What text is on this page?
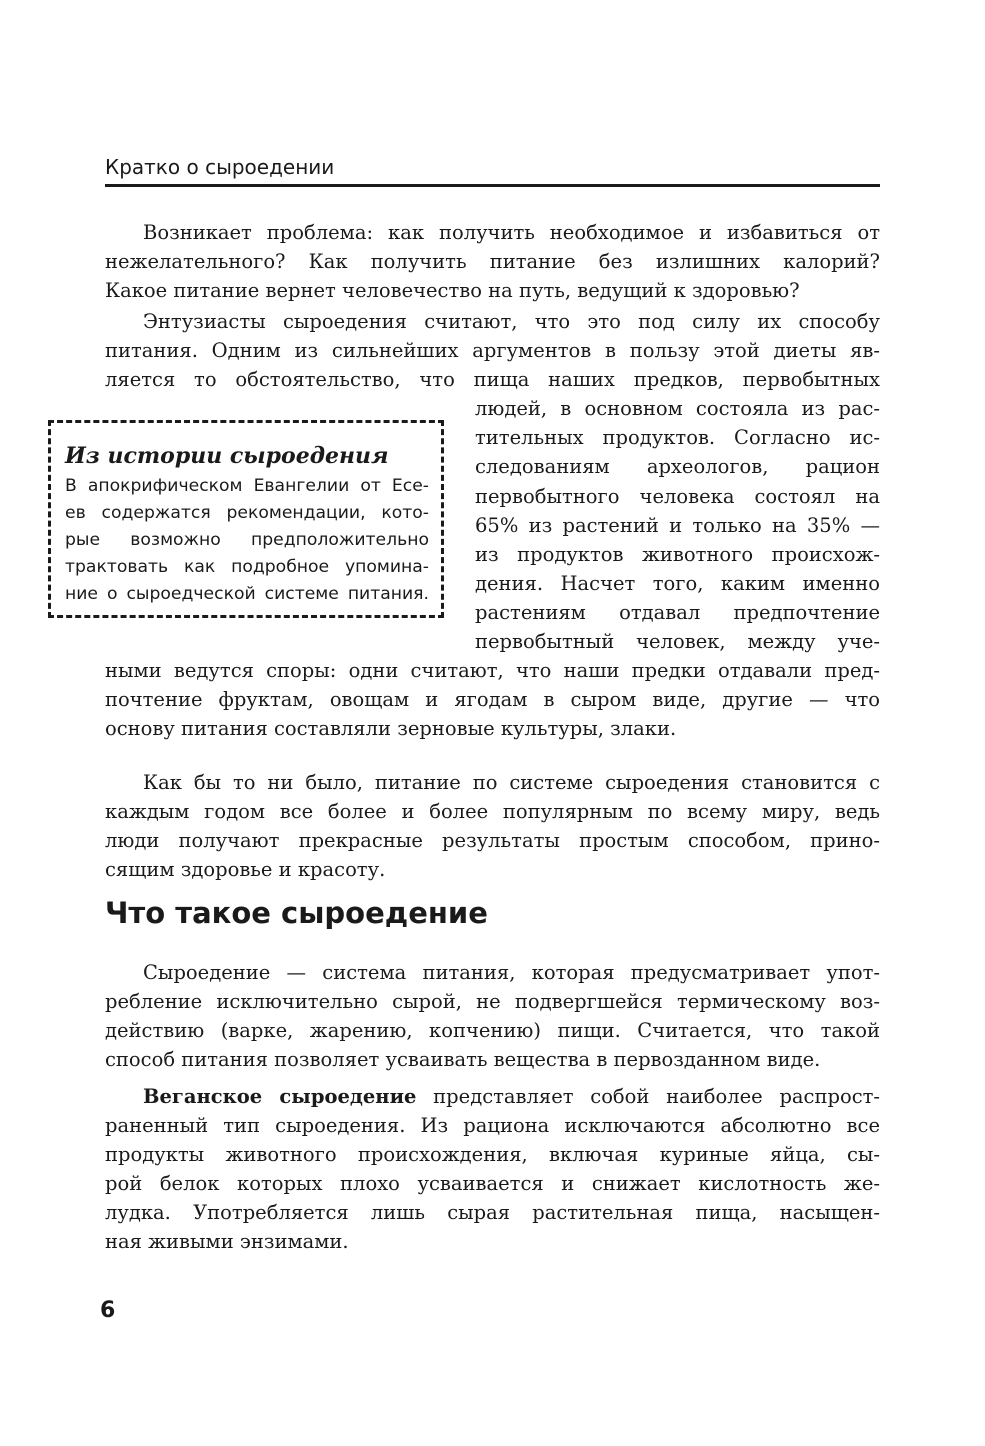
Кратко о сыроедении
Возникает проблема: как получить необходимое и избавиться от
нежелательного? Как получить питание без излишних калорий?
Какое питание вернет человечество на путь, ведущий к здоровью?
Энтузиасты сыроедения считают, что это под силу их способу
питания. Одним из сильнейших аргументов в пользу этой диеты яв-
ляется то обстоятельство, что пища наших предков, первобытных
людей, в основном состояла из рас-
тительных продуктов. Согласно ис-
следованиям археологов, рацион
первобытного человека состоял на
65% из растений и только на 35% —
из продуктов животного происхож-
дения. Насчет того, каким именно
растениям отдавал предпочтение
первобытный человек, между уче-
ными ведутся споры: одни считают, что наши предки отдавали пред-
почтение фруктам, овощам и ягодам в сыром виде, другие — что
основу питания составляли зерновые культуры, злаки.
Из истории сыроедения
В апокрифическом Евангелии от Есе-
ев содержатся рекомендации, кото-
рые возможно предположительно
трактовать как подробное упомина-
ние о сыроедческой системе питания.
Как бы то ни было, питание по системе сыроедения становится с
каждым годом все более и более популярным по всему миру, ведь
люди получают прекрасные результаты простым способом, прино-
сящим здоровье и красоту.
Что такое сыроедение
Сыроедение — система питания, которая предусматривает упот-
ребление исключительно сырой, не подвергшейся термическому воз-
действию (варке, жарению, копчению) пищи. Считается, что такой
способ питания позволяет усваивать вещества в первозданном виде.
Веганское сыроедение представляет собой наиболее распрост-
раненный тип сыроедения. Из рациона исключаются абсолютно все
продукты животного происхождения, включая куриные яйца, сы-
рой белок которых плохо усваивается и снижает кислотность же-
лудка. Употребляется лишь сырая растительная пища, насыщен-
ная живыми энзимами.
6
